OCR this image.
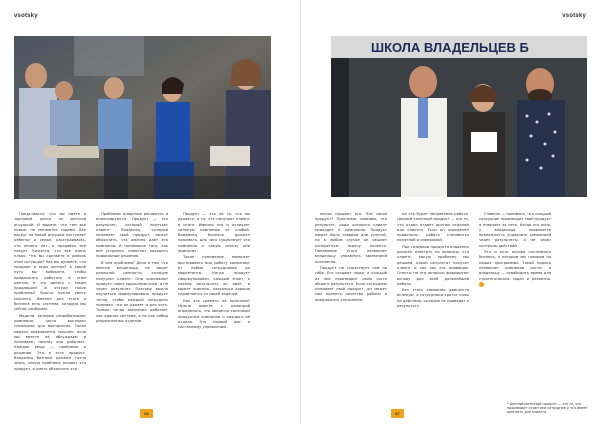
vsotsky

Представьте, что вы идёте в торговый центр за детской игрушкой. И видите, что там всё новые: не меняются годами. Все вокруг на новой игрушке наступает ребёнку и семье, расстраиваясь, что ничего нет, а продавец всё пакует. Кажется, что все очень плохо. Что вы сделаете в рамках этой ситуации? Как вы думаете, что продают в этом центре? А какой путь вы выберете, чтобы продолжать работать в этом центре, и что делать с таким продавцом? И откуда такие проблемы? Просто нужно уметь мыслить. Именно для этого в бизнесе есть система, которую мы сейчас разберём.

Модели, которые разрабатывает компания, часто выглядят сложными для восприятия. Такая модель оказывается сильнее, если мы вместе её обсуждаем и понимаем, почему она работает. Каждая вещь — проблема и решение. Это и есть продукт. Владелец бизнеса должен точно знать, какую проблему решает его продукт, и уметь объяснить это.

Проблемы владения решаются и анализируются. Продукт — это результат, который получает клиент. Владелец, который понимает свой продукт, может объяснить, что именно даёт его компания. И понимание того, как всё устроено, помогает находить правильные решения.

В чём проблема? Дело в том, что многие владельцы не видят реальной ценности, которую получает клиент. Они описывают продукт через характеристики, а не через результат. Поэтому важно научиться формулировать продукт точно, чтобы каждый сотрудник понимал, что он делает и для кого. Только тогда компания работает как единая система, а не как набор разрозненных отделов.

Продукт — это не то, что вы делаете, а то, что получает клиент в итоге. Именно это и отличает сильную компанию от слабой. Владелец бизнеса должен понимать, для чего существует его компания и какую пользу она приносит.

Такое понимание помогает выстраивать всю работу компании: от найма сотрудников до маркетинга. Когда продукт сформулирован, каждый знает, к какому результату он идёт, и может оценить, насколько хорошо справляется со своей задачей.

Как это сделать на практике? Нужно вместе с командой определить, что является конечным продуктом компании и каждого её отдела. Это первый шаг к системному управлению.

66
vsotsky
ШКОЛА ВЛАДЕЛЬЦЕВ Б

потом продает его. Что такое продукт? Простыми словами, это результат, ради которого клиент приходит в компанию. Продукт может быть товаром или услугой, но в любом случае он решает конкретную задачу клиента. Понимание этого позволяет владельцу управлять компанией осознанно.

Продукт не существует сам по себе. Его создают люди, и каждый из них производит свою часть общего результата. Если сотрудник понимает свой продукт, он может сам оценить качество работы и предложить улучшения.

на что будет направлена работа. Ценный конечный продукт — это то, что отдел отдаёт другим отделам или клиенту. Если он определён правильно, работа становится понятной и измеримой.

При создании продукта владелец должен ответить на вопросы: кто клиент, какую проблему мы решаем, какой результат получит клиент и как мы это проверим. Ответы на эти вопросы формируют основу для всей дальнейшей работы.

Без этого компания двигается вслепую, а сотрудники тратят силы на действия, которые не приводят к результату.

Главное — понимать, что каждый сотрудник производит свой продукт и отвечает за него. Когда это ясно, у владельца появляется возможность управлять компанией через результаты, а не через контроль действий.

Это и есть основа системного бизнеса, о котором мы говорим на наших программах. Такой подход позволяет компании расти, а владельцу — освободить время для стратегических задач и развития.

* Ценный конечный продукт — это то, что производит отдел или сотрудник и что имеет ценность для клиента.
67
